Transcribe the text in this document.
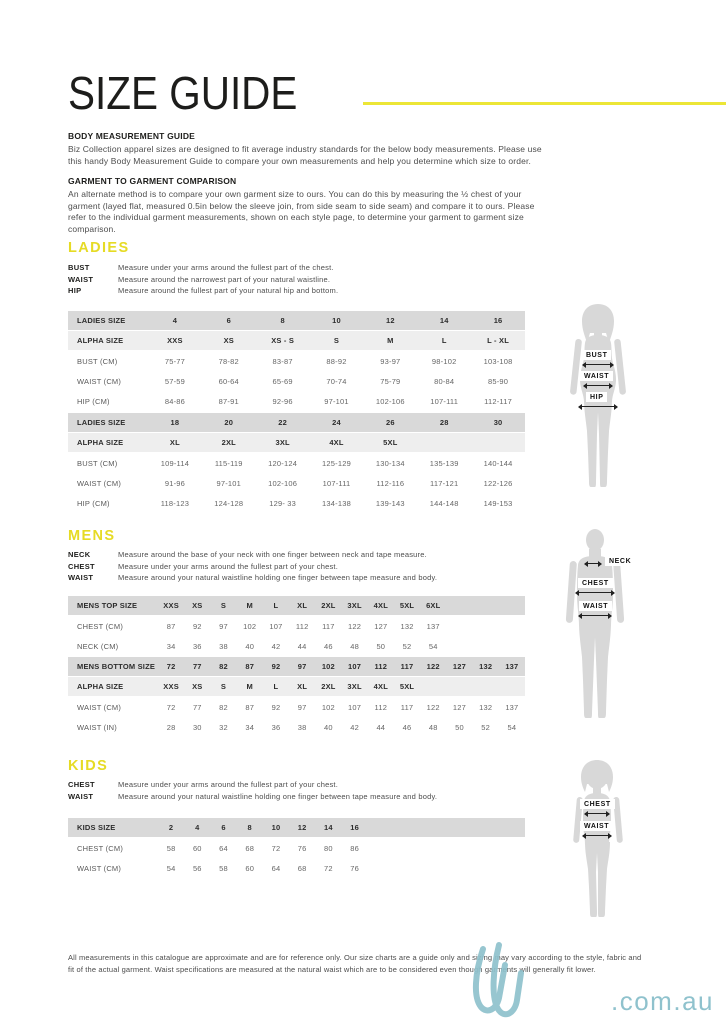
SIZE GUIDE
BODY MEASUREMENT GUIDE
Biz Collection apparel sizes are designed to fit average industry standards for the below body measurements. Please use this handy Body Measurement Guide to compare your own measurements and help you determine which size to order.
GARMENT TO GARMENT COMPARISON
An alternate method is to compare your own garment size to ours. You can do this by measuring the ½ chest of your garment (layed flat, measured 0.5in below the sleeve join, from side seam to side seam) and compare it to ours. Please refer to the individual garment measurements, shown on each style page, to determine your garment to garment size comparison.
LADIES
BUST	Measure under your arms around the fullest part of the chest.
WAIST	Measure around the narrowest part of your natural waistline.
HIP	Measure around the fullest part of your natural hip and bottom.
LADIES SIZE	4	6	8	10	12	14	16
ALPHA SIZE	XXS	XS	XS - S	S	M	L	L - XL
BUST (CM)	75-77	78-82	83-87	88-92	93-97	98-102	103-108
WAIST (CM)	57-59	60-64	65-69	70-74	75-79	80-84	85-90
HIP (CM)	84-86	87-91	92-96	97-101	102-106	107-111	112-117
LADIES SIZE	18	20	22	24	26	28	30
ALPHA SIZE	XL	2XL	3XL	4XL	5XL
BUST (CM)	109-114	115-119	120-124	125-129	130-134	135-139	140-144
WAIST (CM)	91-96	97-101	102-106	107-111	112-116	117-121	122-126
HIP (CM)	118-123	124-128	129- 33	134-138	139-143	144-148	149-153
BUST
WAIST
HIP
MENS
NECK	Measure around the base of your neck with one finger between neck and tape measure.
CHEST	Measure under your arms around the fullest part of your chest.
WAIST	Measure around your natural waistline holding one finger between tape measure and body.
MENS TOP SIZE	XXS	XS	S	M	L	XL	2XL	3XL	4XL	5XL	6XL
CHEST (CM)	87	92	97	102	107	112	117	122	127	132	137
NECK (CM)	34	36	38	40	42	44	46	48	50	52	54
MENS BOTTOM SIZE	72	77	82	87	92	97	102	107	112	117	122	127	132	137
ALPHA SIZE	XXS	XS	S	M	L	XL	2XL	3XL	4XL	5XL
WAIST (CM)	72	77	82	87	92	97	102	107	112	117	122	127	132	137
WAIST (IN)	28	30	32	34	36	38	40	42	44	46	48	50	52	54
NECK
CHEST
WAIST
KIDS
CHEST	Measure under your arms around the fullest part of your chest.
WAIST	Measure around your natural waistline holding one finger between tape measure and body.
KIDS SIZE	2	4	6	8	10	12	14	16
CHEST (CM)	58	60	64	68	72	76	80	86
WAIST (CM)	54	56	58	60	64	68	72	76
CHEST
WAIST
All measurements in this catalogue are approximate and are for reference only. Our size charts are a guide only and sizing may vary according to the style, fabric and fit of the actual garment. Waist specifications are measured at the natural waist which are to be considered even though garments will generally fit lower.
.com.au
